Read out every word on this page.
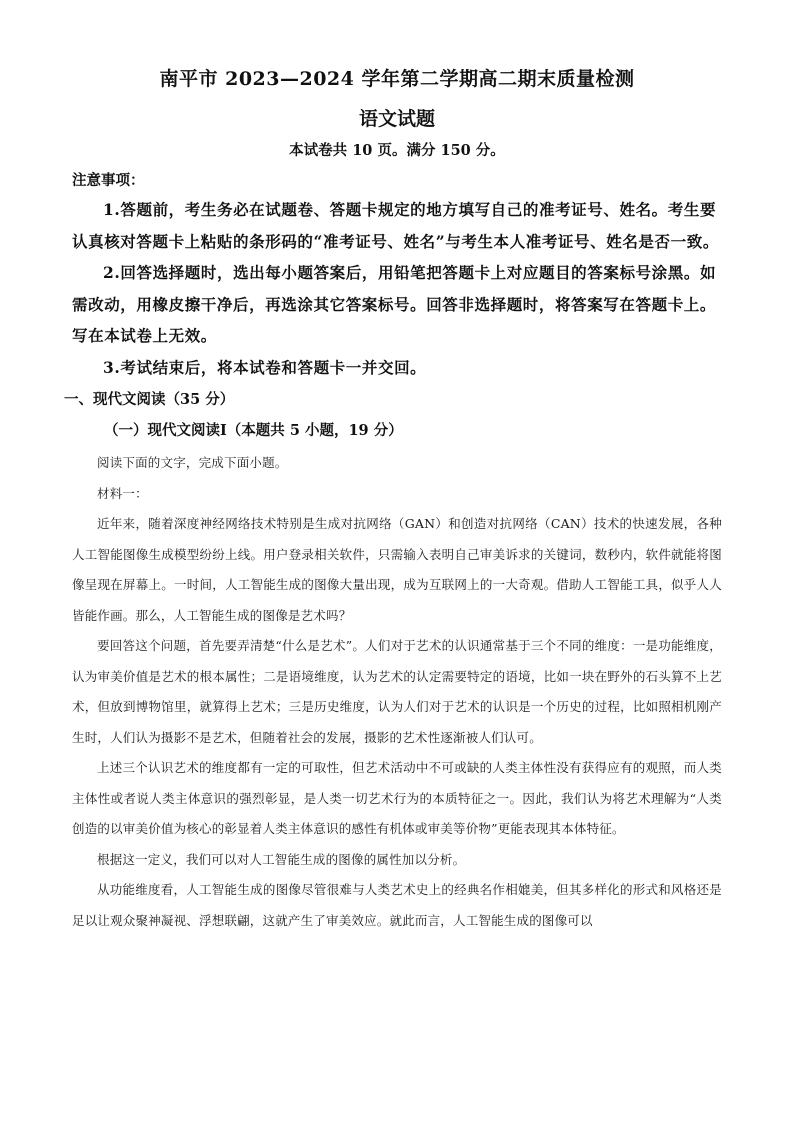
南平市 2023—2024 学年第二学期高二期末质量检测
语文试题

本试卷共 10 页。满分 150 分。

注意事项：

1.答题前，考生务必在试题卷、答题卡规定的地方填写自己的准考证号、姓名。考生要认真核对答题卡上粘贴的条形码的“准考证号、姓名”与考生本人准考证号、姓名是否一致。
2.回答选择题时，选出每小题答案后，用铅笔把答题卡上对应题目的答案标号涂黑。如需改动，用橡皮擦干净后，再选涂其它答案标号。回答非选择题时，将答案写在答题卡上。写在本试卷上无效。
3.考试结束后，将本试卷和答题卡一并交回。

一、现代文阅读（35 分）

（一）现代文阅读Ⅰ（本题共 5 小题，19 分）

阅读下面的文字，完成下面小题。

材料一：

近年来，随着深度神经网络技术特别是生成对抗网络（GAN）和创造对抗网络（CAN）技术的快速发展，各种人工智能图像生成模型纷纷上线。用户登录相关软件，只需输入表明自己审美诉求的关键词，数秒内，软件就能将图像呈现在屏幕上。一时间，人工智能生成的图像大量出现，成为互联网上的一大奇观。借助人工智能工具，似乎人人皆能作画。那么，人工智能生成的图像是艺术吗？

要回答这个问题，首先要弄清楚“什么是艺术”。人们对于艺术的认识通常基于三个不同的维度：一是功能维度，认为审美价值是艺术的根本属性；二是语境维度，认为艺术的认定需要特定的语境，比如一块在野外的石头算不上艺术，但放到博物馆里，就算得上艺术；三是历史维度，认为人们对于艺术的认识是一个历史的过程，比如照相机刚产生时，人们认为摄影不是艺术，但随着社会的发展，摄影的艺术性逐渐被人们认可。

上述三个认识艺术的维度都有一定的可取性，但艺术活动中不可或缺的人类主体性没有获得应有的观照，而人类主体性或者说人类主体意识的强烈彰显，是人类一切艺术行为的本质特征之一。因此，我们认为将艺术理解为“人类创造的以审美价值为核心的彰显着人类主体意识的感性有机体或审美等价物”更能表现其本体特征。

根据这一定义，我们可以对人工智能生成的图像的属性加以分析。

从功能维度看，人工智能生成的图像尽管很难与人类艺术史上的经典名作相媲美，但其多样化的形式和风格还是足以让观众聚神凝视、浮想联翩，这就产生了审美效应。就此而言，人工智能生成的图像可以
